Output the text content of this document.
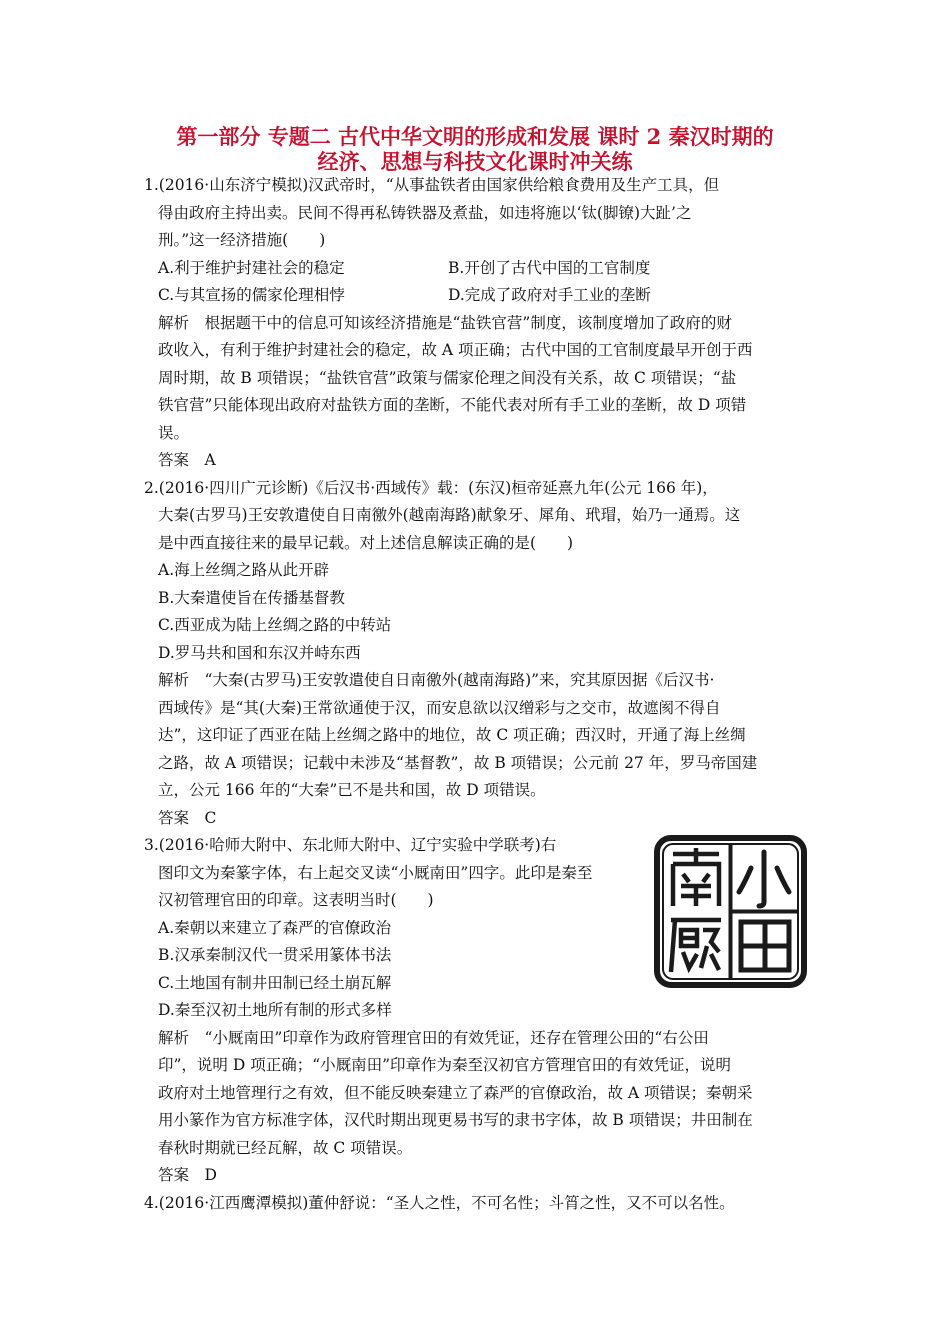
第一部分 专题二 古代中华文明的形成和发展 课时 2 秦汉时期的
经济、思想与科技文化课时冲关练
1.(2016·山东济宁模拟)汉武帝时，“从事盐铁者由国家供给粮食费用及生产工具，但
得由政府主持出卖。民间不得再私铸铁器及煮盐，如违将施以‘钛(脚镣)大趾’之
刑。”这一经济措施(　　)
A.利于维护封建社会的稳定	B.开创了古代中国的工官制度
C.与其宣扬的儒家伦理相悖	D.完成了政府对手工业的垄断
解析　根据题干中的信息可知该经济措施是“盐铁官营”制度，该制度增加了政府的财
政收入，有利于维护封建社会的稳定，故 A 项正确；古代中国的工官制度最早开创于西
周时期，故 B 项错误；“盐铁官营”政策与儒家伦理之间没有关系，故 C 项错误；“盐
铁官营”只能体现出政府对盐铁方面的垄断，不能代表对所有手工业的垄断，故 D 项错
误。
答案　A
2.(2016·四川广元诊断)《后汉书·西域传》载：(东汉)桓帝延熹九年(公元 166 年)，
大秦(古罗马)王安敦遣使自日南徼外(越南海路)献象牙、犀角、玳瑁，始乃一通焉。这
是中西直接往来的最早记载。对上述信息解读正确的是(　　)
A.海上丝绸之路从此开辟
B.大秦遣使旨在传播基督教
C.西亚成为陆上丝绸之路的中转站
D.罗马共和国和东汉并峙东西
解析　“大秦(古罗马)王安敦遣使自日南徼外(越南海路)”来，究其原因据《后汉书·
西域传》是“其(大秦)王常欲通使于汉，而安息欲以汉缯彩与之交市，故遮阂不得自
达”，这印证了西亚在陆上丝绸之路中的地位，故 C 项正确；西汉时，开通了海上丝绸
之路，故 A 项错误；记载中未涉及“基督教”，故 B 项错误；公元前 27 年，罗马帝国建
立，公元 166 年的“大秦”已不是共和国，故 D 项错误。
答案　C
3.(2016·哈师大附中、东北师大附中、辽宁实验中学联考)右
图印文为秦篆字体，右上起交叉读“小厩南田”四字。此印是秦至
汉初管理官田的印章。这表明当时(　　)
A.秦朝以来建立了森严的官僚政治
B.汉承秦制汉代一贯采用篆体书法
C.土地国有制井田制已经土崩瓦解
D.秦至汉初土地所有制的形式多样
解析　“小厩南田”印章作为政府管理官田的有效凭证，还存在管理公田的“右公田
印”，说明 D 项正确；“小厩南田”印章作为秦至汉初官方管理官田的有效凭证，说明
政府对土地管理行之有效，但不能反映秦建立了森严的官僚政治，故 A 项错误；秦朝采
用小篆作为官方标准字体，汉代时期出现更易书写的隶书字体，故 B 项错误；井田制在
春秋时期就已经瓦解，故 C 项错误。
答案　D
4.(2016·江西鹰潭模拟)董仲舒说：“圣人之性，不可名性；斗筲之性，又不可以名性。
